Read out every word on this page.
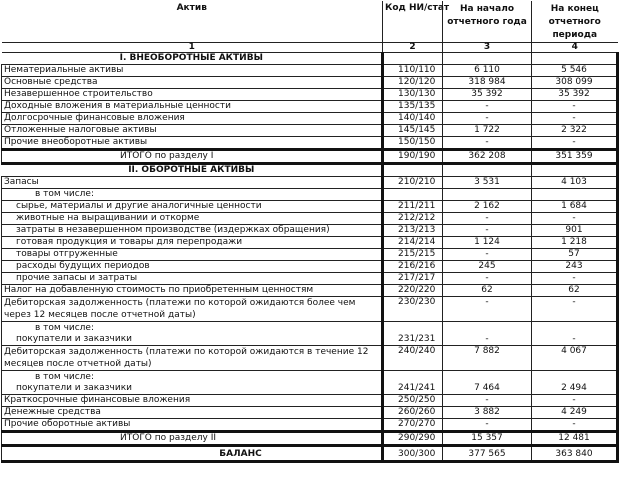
Актив	Код НИ/стат	На начало отчетного года	На конец отчетного периода

1	2	3	4
I. ВНЕОБОРОТНЫЕ АКТИВЫ			
Нематериальные активы	110/110	6 110	5 546
Основные средства	120/120	318 984	308 099
Незавершенное строительство	130/130	35 392	35 392
Доходные вложения в материальные ценности	135/135	-	-
Долгосрочные финансовые вложения	140/140	-	-
Отложенные налоговые активы	145/145	1 722	2 322
Прочие внеоборотные активы	150/150	-	-
ИТОГО по разделу I	190/190	362 208	351 359
II. ОБОРОТНЫЕ АКТИВЫ			
Запасы	210/210	3 531	4 103
в том числе:			
сырье, материалы и другие аналогичные ценности	211/211	2 162	1 684
животные на выращивании и откорме	212/212	-	-
затраты в незавершенном производстве (издержках обращения)	213/213	-	901
готовая продукция и товары для перепродажи	214/214	1 124	1 218
товары отгруженные	215/215	-	57
расходы будущих периодов	216/216	245	243
прочие запасы и затраты	217/217	-	-
Налог на добавленную стоимость по приобретенным ценностям	220/220	62	62
Дебиторская задолженность (платежи по которой ожидаются более чем через 12 месяцев после отчетной даты)	230/230	-	-

в том числе:
покупатели и заказчики	231/231	-	-
Дебиторская задолженность (платежи по которой ожидаются в течение 12 месяцев после отчетной даты)	240/240	7 882	4 067

в том числе:
покупатели и заказчики	241/241	7 464	2 494
Краткосрочные финансовые вложения	250/250	-	-
Денежные средства	260/260	3 882	4 249
Прочие оборотные активы	270/270	-	-
ИТОГО по разделу II	290/290	15 357	12 481
БАЛАНС	300/300	377 565	363 840
